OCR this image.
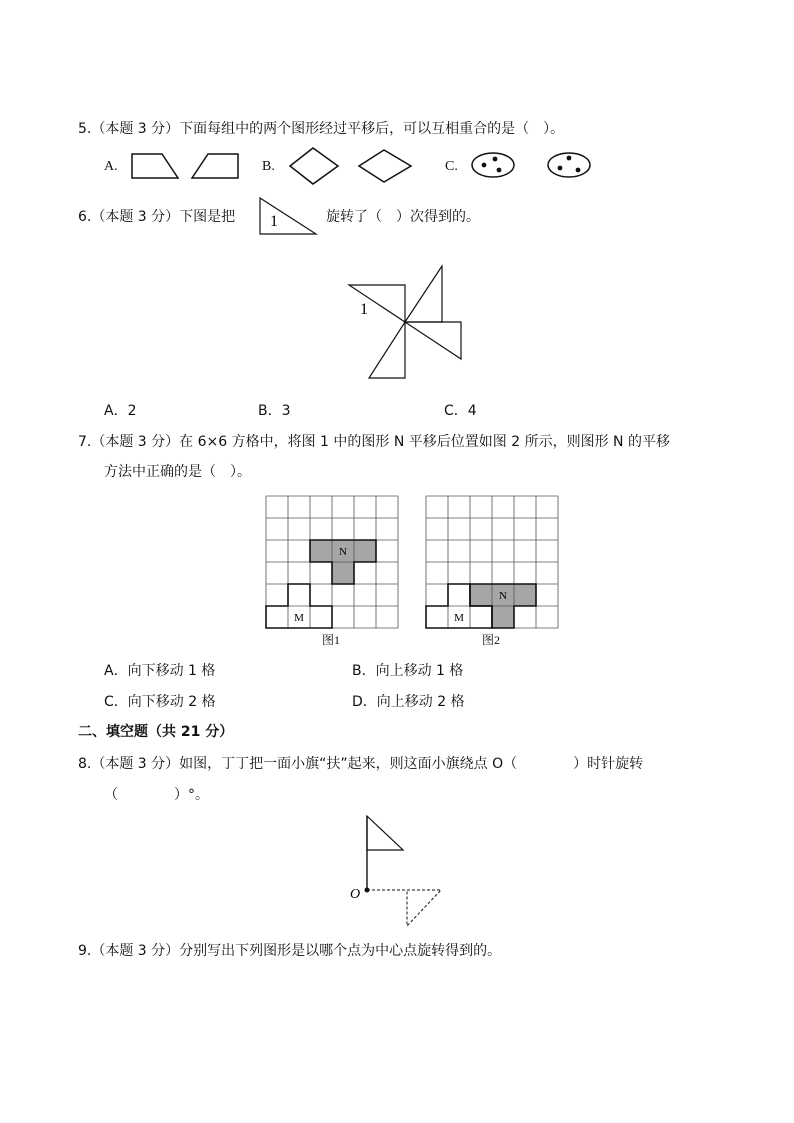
5.（本题 3 分）下面每组中的两个图形经过平移后，可以互相重合的是（　）。
A.	B.	C.
6.（本题 3 分）下图是把 1	旋转了（　）次得到的。
1
A．2	B．3	C．4
7.（本题 3 分）在 6×6 方格中，将图 1 中的图形 N 平移后位置如图 2 所示，则图形 N 的平移
方法中正确的是（　）。
N
M
图1
N
M
图2
A．向下移动 1 格	B．向上移动 1 格
C．向下移动 2 格	D．向上移动 2 格
二、填空题（共 21 分）
8.（本题 3 分）如图，丁丁把一面小旗“扶”起来，则这面小旗绕点 O（　　　　）时针旋转
（　　　　）°。
O
9.（本题 3 分）分别写出下列图形是以哪个点为中心点旋转得到的。
